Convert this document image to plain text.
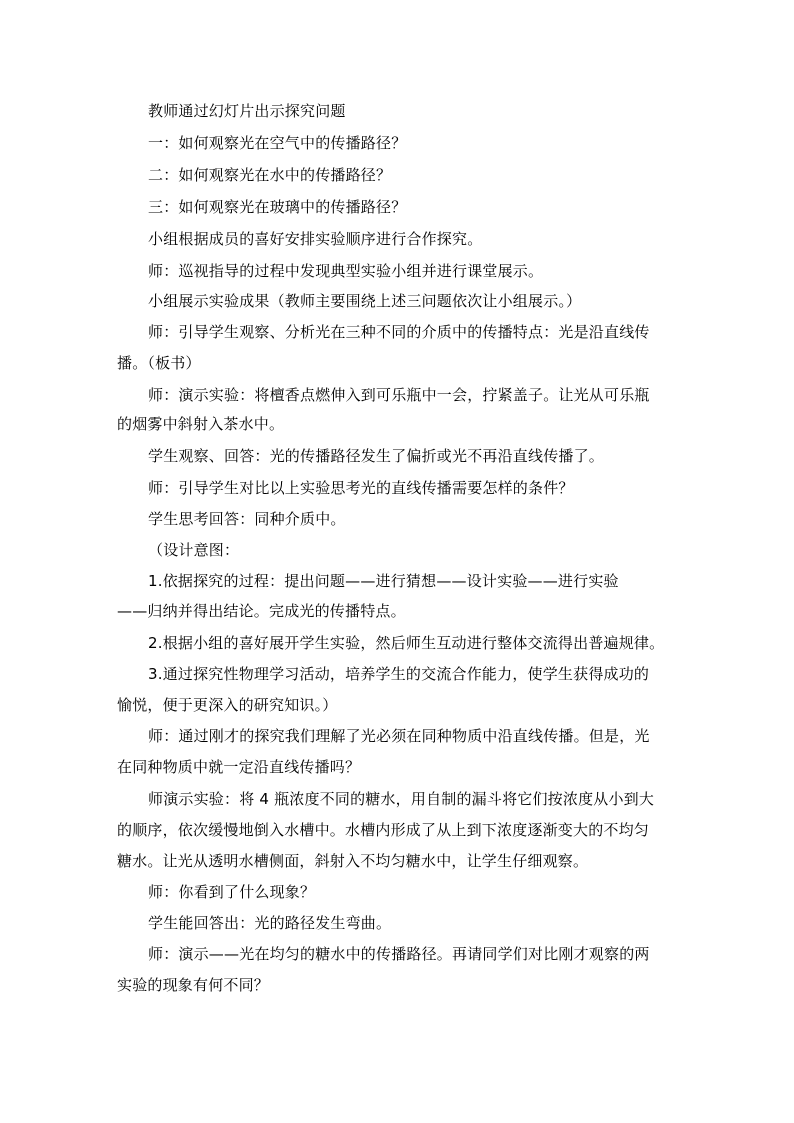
教师通过幻灯片出示探究问题
一：如何观察光在空气中的传播路径？
二：如何观察光在水中的传播路径？
三：如何观察光在玻璃中的传播路径？
小组根据成员的喜好安排实验顺序进行合作探究。
师：巡视指导的过程中发现典型实验小组并进行课堂展示。
小组展示实验成果（教师主要围绕上述三问题依次让小组展示。）
师：引导学生观察、分析光在三种不同的介质中的传播特点：光是沿直线传
播。（板书）
师：演示实验：将檀香点燃伸入到可乐瓶中一会，拧紧盖子。让光从可乐瓶
的烟雾中斜射入茶水中。
学生观察、回答：光的传播路径发生了偏折或光不再沿直线传播了。
师：引导学生对比以上实验思考光的直线传播需要怎样的条件？
学生思考回答：同种介质中。
（设计意图：
1.依据探究的过程：提出问题——进行猜想——设计实验——进行实验
——归纳并得出结论。完成光的传播特点。
2.根据小组的喜好展开学生实验，然后师生互动进行整体交流得出普遍规律。
3.通过探究性物理学习活动，培养学生的交流合作能力，使学生获得成功的
愉悦，便于更深入的研究知识。）
师：通过刚才的探究我们理解了光必须在同种物质中沿直线传播。但是，光
在同种物质中就一定沿直线传播吗？
师演示实验：将 4 瓶浓度不同的糖水，用自制的漏斗将它们按浓度从小到大
的顺序，依次缓慢地倒入水槽中。水槽内形成了从上到下浓度逐渐变大的不均匀
糖水。让光从透明水槽侧面，斜射入不均匀糖水中，让学生仔细观察。
师：你看到了什么现象？
学生能回答出：光的路径发生弯曲。
师：演示——光在均匀的糖水中的传播路径。再请同学们对比刚才观察的两
实验的现象有何不同？
